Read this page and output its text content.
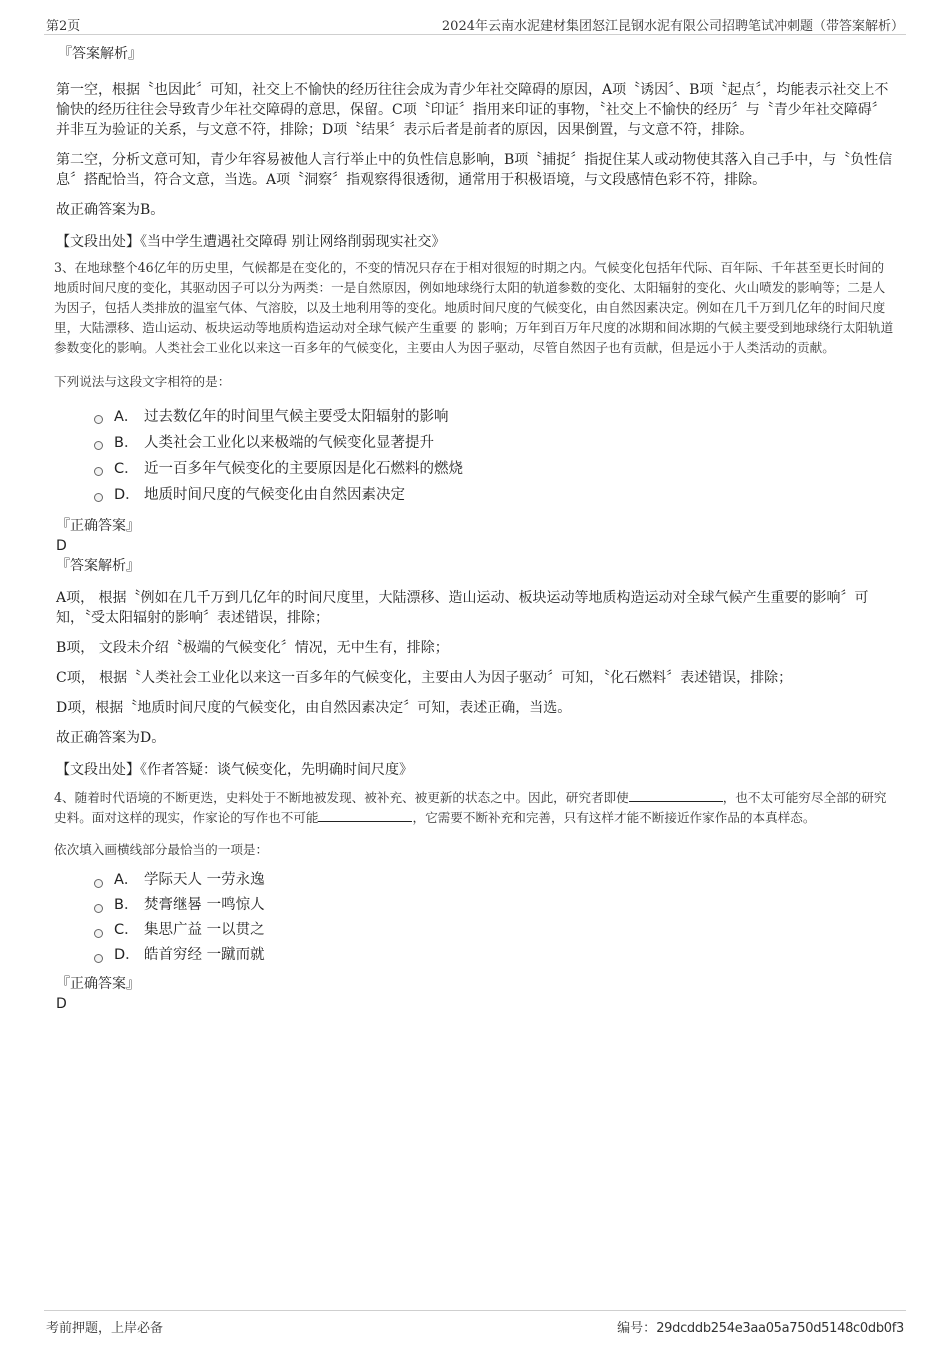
第2页	2024年云南水泥建材集团怒江昆钢水泥有限公司招聘笔试冲刺题（带答案解析）

『答案解析』

第一空，根据〝也因此〞可知，社交上不愉快的经历往往会成为青少年社交障碍的原因，A项〝诱因〞、B项〝起点〞，均能表示社交上不愉快的经历往往会导致青少年社交障碍的意思，保留。C项〝印证〞指用来印证的事物，〝社交上不愉快的经历〞与〝青少年社交障碍〞并非互为验证的关系，与文意不符，排除；D项〝结果〞表示后者是前者的原因，因果倒置，与文意不符，排除。

第二空，分析文意可知，青少年容易被他人言行举止中的负性信息影响，B项〝捕捉〞指捉住某人或动物使其落入自己手中，与〝负性信息〞搭配恰当，符合文意，当选。A项〝洞察〞指观察得很透彻，通常用于积极语境，与文段感情色彩不符，排除。

故正确答案为B。

【文段出处】《当中学生遭遇社交障碍 别让网络削弱现实社交》

3、在地球整个46亿年的历史里，气候都是在变化的，不变的情况只存在于相对很短的时期之内。气候变化包括年代际、百年际、千年甚至更长时间的地质时间尺度的变化，其驱动因子可以分为两类：一是自然原因，例如地球绕行太阳的轨道参数的变化、太阳辐射的变化、火山喷发的影响等；二是人为因子，包括人类排放的温室气体、气溶胶，以及土地利用等的变化。地质时间尺度的气候变化，由自然因素决定。例如在几千万到几亿年的时间尺度里，大陆漂移、造山运动、板块运动等地质构造运动对全球气候产生重要 的 影响；万年到百万年尺度的冰期和间冰期的气候主要受到地球绕行太阳轨道参数变化的影响。人类社会工业化以来这一百多年的气候变化，主要由人为因子驱动，尽管自然因子也有贡献，但是远小于人类活动的贡献。

下列说法与这段文字相符的是：

A． 过去数亿年的时间里气候主要受太阳辐射的影响
B． 人类社会工业化以来极端的气候变化显著提升
C． 近一百多年气候变化的主要原因是化石燃料的燃烧
D． 地质时间尺度的气候变化由自然因素决定

『正确答案』

D

『答案解析』

A项， 根据〝例如在几千万到几亿年的时间尺度里，大陆漂移、造山运动、板块运动等地质构造运动对全球气候产生重要的影响〞可知，〝受太阳辐射的影响〞表述错误，排除；

B项， 文段未介绍〝极端的气候变化〞情况，无中生有，排除；

C项， 根据〝人类社会工业化以来这一百多年的气候变化，主要由人为因子驱动〞可知，〝化石燃料〞表述错误，排除；

D项，根据〝地质时间尺度的气候变化，由自然因素决定〞可知，表述正确，当选。

故正确答案为D。

【文段出处】《作者答疑：谈气候变化，先明确时间尺度》

4、随着时代语境的不断更迭，史料处于不断地被发现、被补充、被更新的状态之中。因此，研究者即使	，也不太可能穷尽全部的研究史料。面对这样的现实，作家论的写作也不可能	，它需要不断补充和完善，只有这样才能不断接近作家作品的本真样态。

依次填入画横线部分最恰当的一项是：

A． 学际天人 一劳永逸
B． 焚膏继晷 一鸣惊人
C． 集思广益 一以贯之
D． 皓首穷经 一蹴而就

『正确答案』

D

考前押题，上岸必备	编号：29dcddb254e3aa05a750d5148c0db0f3
